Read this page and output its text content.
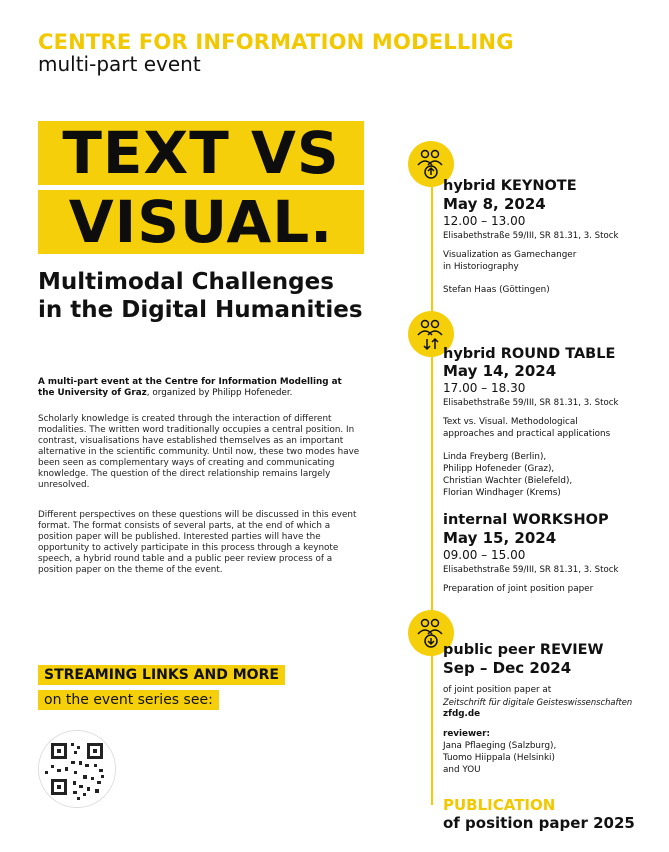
CENTRE FOR INFORMATION MODELLING
multi-part event
TEXT VS
VISUAL.
Multimodal Challenges
in the Digital Humanities
A multi-part event at the Centre for Information Modelling at the University of Graz, organized by Philipp Hofeneder.
Scholarly knowledge is created through the interaction of different modalities. The written word traditionally occupies a central position. In contrast, visualisations have established themselves as an important alternative in the scientific community. Until now, these two modes have been seen as complementary ways of creating and communicating knowledge. The question of the direct relationship remains largely unresolved.
Different perspectives on these questions will be discussed in this event format. The format consists of several parts, at the end of which a position paper will be published. Interested parties will have the opportunity to actively participate in this process through a keynote speech, a hybrid round table and a public peer review process of a position paper on the theme of the event.
STREAMING LINKS AND MORE
on the event series see:
hybrid KEYNOTE
May 8, 2024
12.00 – 13.00
Elisabethstraße 59/III, SR 81.31, 3. Stock
Visualization as Gamechanger
in Historiography
Stefan Haas (Göttingen)
hybrid ROUND TABLE
May 14, 2024
17.00 – 18.30
Elisabethstraße 59/III, SR 81.31, 3. Stock
Text vs. Visual. Methodological
approaches and practical applications
Linda Freyberg (Berlin),
Philipp Hofeneder (Graz),
Christian Wachter (Bielefeld),
Florian Windhager (Krems)
internal WORKSHOP
May 15, 2024
09.00 – 15.00
Elisabethstraße 59/III, SR 81.31, 3. Stock
Preparation of joint position paper
public peer REVIEW
Sep – Dec 2024
of joint position paper at
Zeitschrift für digitale Geisteswissenschaften
zfdg.de
reviewer:
Jana Pflaeging (Salzburg),
Tuomo Hiippala (Helsinki)
and YOU
PUBLICATION
of position paper 2025
